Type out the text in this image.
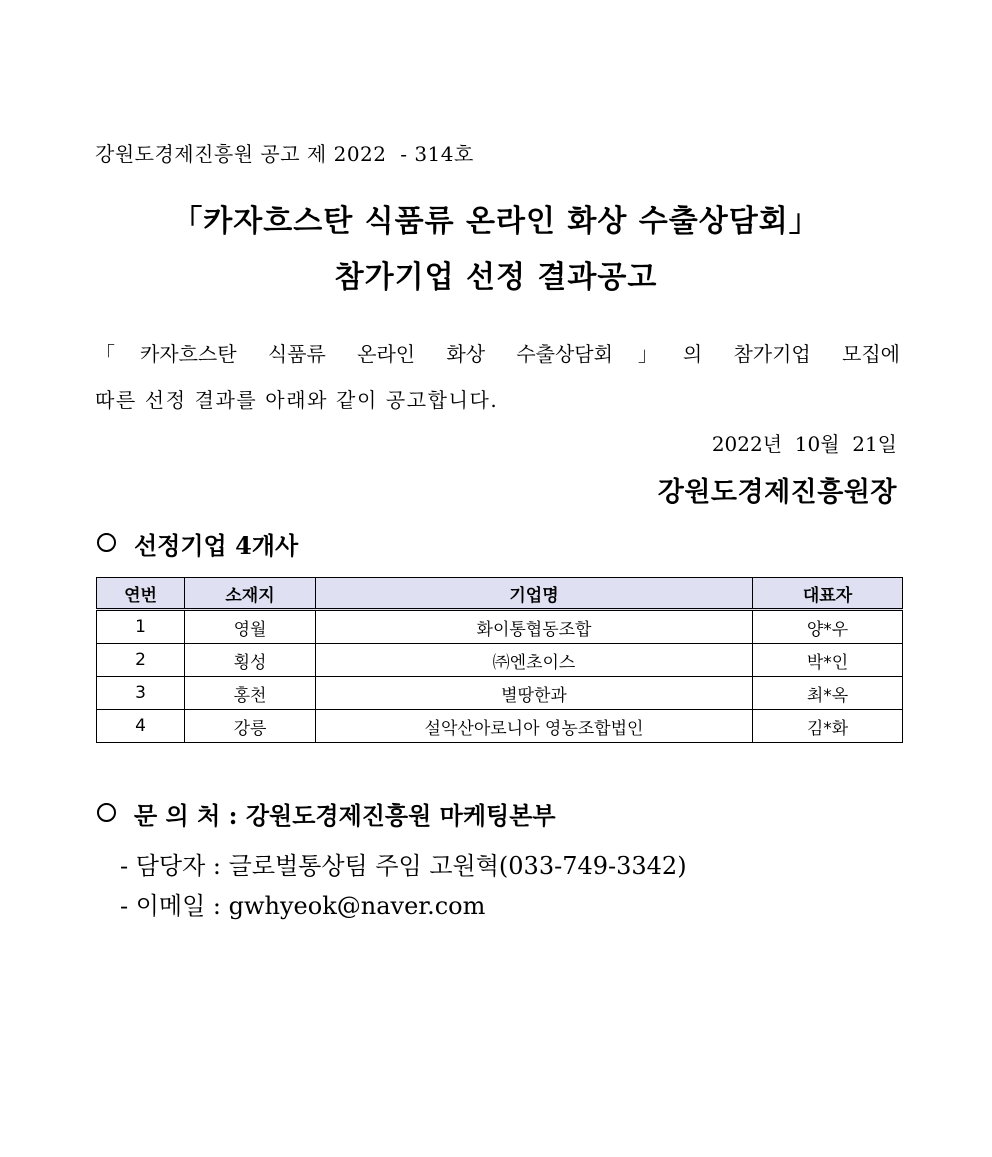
강원도경제진흥원 공고 제 2022  - 314호
「카자흐스탄 식품류 온라인 화상 수출상담회」
참가기업 선정 결과공고
「카자흐스탄 식품류 온라인 화상 수출상담회」의 참가기업 모집에
따른 선정 결과를 아래와 같이 공고합니다.
2022년  10월  21일
강원도경제진흥원장
선정기업 4개사
연번	소재지	기업명	대표자
1	영월	화이통협동조합	양*우
2	횡성	㈜엔초이스	박*인
3	홍천	별땅한과	최*옥
4	강릉	설악산아로니아 영농조합법인	김*화
문 의 처 : 강원도경제진흥원 마케팅본부
- 담당자 : 글로벌통상팀 주임 고원혁(033-749-3342)
- 이메일 : gwhyeok@naver.com
